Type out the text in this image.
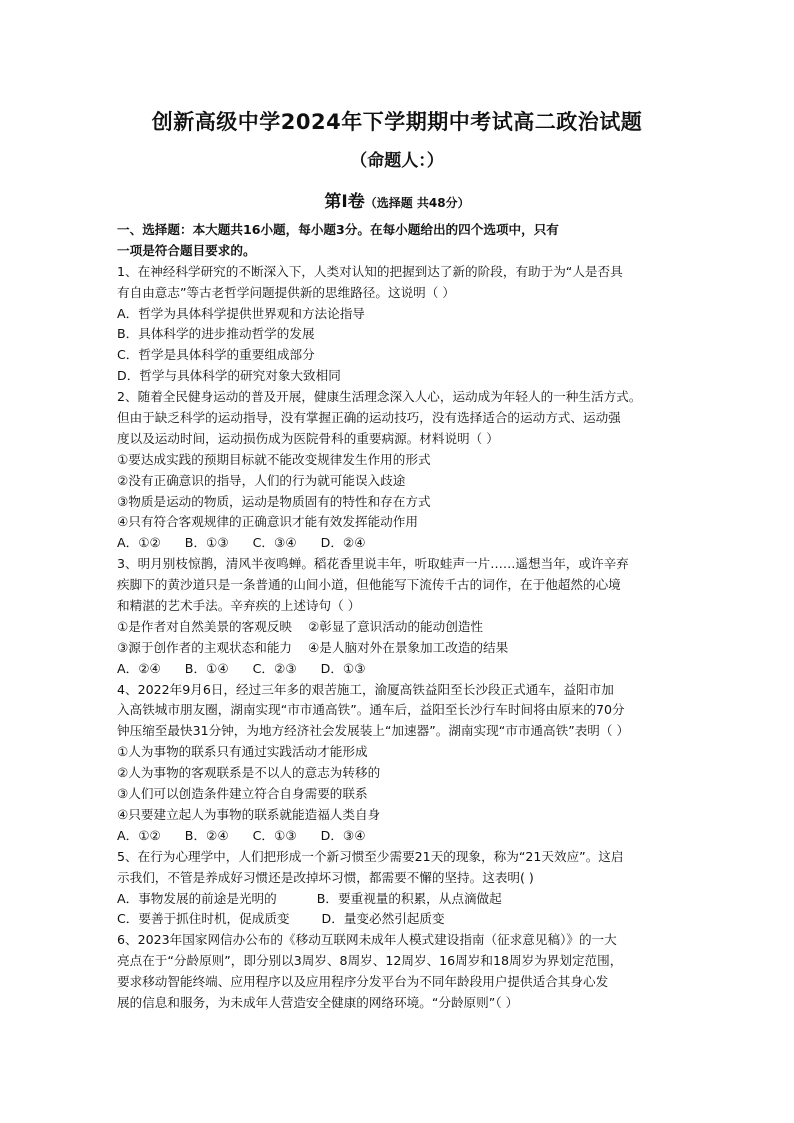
创新高级中学2024年下学期期中考试高二政治试题
（命题人：）
第Ⅰ卷（选择题 共48分）
一、选择题：本大题共16小题，每小题3分。在每小题给出的四个选项中，只有
一项是符合题目要求的。
1、在神经科学研究的不断深入下，人类对认知的把握到达了新的阶段，有助于为“人是否具
有自由意志”等古老哲学问题提供新的思维路径。这说明（ ）
A．哲学为具体科学提供世界观和方法论指导
B．具体科学的进步推动哲学的发展
C．哲学是具体科学的重要组成部分
D．哲学与具体科学的研究对象大致相同
2、随着全民健身运动的普及开展，健康生活理念深入人心，运动成为年轻人的一种生活方式。
但由于缺乏科学的运动指导，没有掌握正确的运动技巧，没有选择适合的运动方式、运动强
度以及运动时间，运动损伤成为医院骨科的重要病源。材料说明（ ）
①要达成实践的预期目标就不能改变规律发生作用的形式
②没有正确意识的指导，人们的行为就可能误入歧途
③物质是运动的物质，运动是物质固有的特性和存在方式
④只有符合客观规律的正确意识才能有效发挥能动作用
A．①②      B．①③      C．③④      D．②④
3、明月别枝惊鹊，清风半夜鸣蝉。稻花香里说丰年，听取蛙声一片……遥想当年，或许辛弃
疾脚下的黄沙道只是一条普通的山间小道，但他能写下流传千古的词作，在于他超然的心境
和精湛的艺术手法。辛弃疾的上述诗句（ ）
①是作者对自然美景的客观反映    ②彰显了意识活动的能动创造性
③源于创作者的主观状态和能力    ④是人脑对外在景象加工改造的结果
A．②④      B．①④      C．②③      D．①③
4、2022年9月6日，经过三年多的艰苦施工，渝厦高铁益阳至长沙段正式通车，益阳市加
入高铁城市朋友圈，湖南实现“市市通高铁”。通车后，益阳至长沙行车时间将由原来的70分
钟压缩至最快31分钟，为地方经济社会发展装上“加速器”。湖南实现“市市通高铁”表明（ ）
①人为事物的联系只有通过实践活动才能形成
②人为事物的客观联系是不以人的意志为转移的
③人们可以创造条件建立符合自身需要的联系
④只要建立起人为事物的联系就能造福人类自身
A．①②      B．②④      C．①③      D．③④
5、在行为心理学中，人们把形成一个新习惯至少需要21天的现象，称为“21天效应”。这启
示我们，不管是养成好习惯还是改掉坏习惯，都需要不懈的坚持。这表明( )
A．事物发展的前途是光明的          B．要重视量的积累，从点滴做起
C．要善于抓住时机，促成质变        D．量变必然引起质变
6、2023年国家网信办公布的《移动互联网未成年人模式建设指南（征求意见稿）》的一大
亮点在于“分龄原则”，即分别以3周岁、8周岁、12周岁、16周岁和18周岁为界划定范围，
要求移动智能终端、应用程序以及应用程序分发平台为不同年龄段用户提供适合其身心发
展的信息和服务，为未成年人营造安全健康的网络环境。“分龄原则”（ ）
